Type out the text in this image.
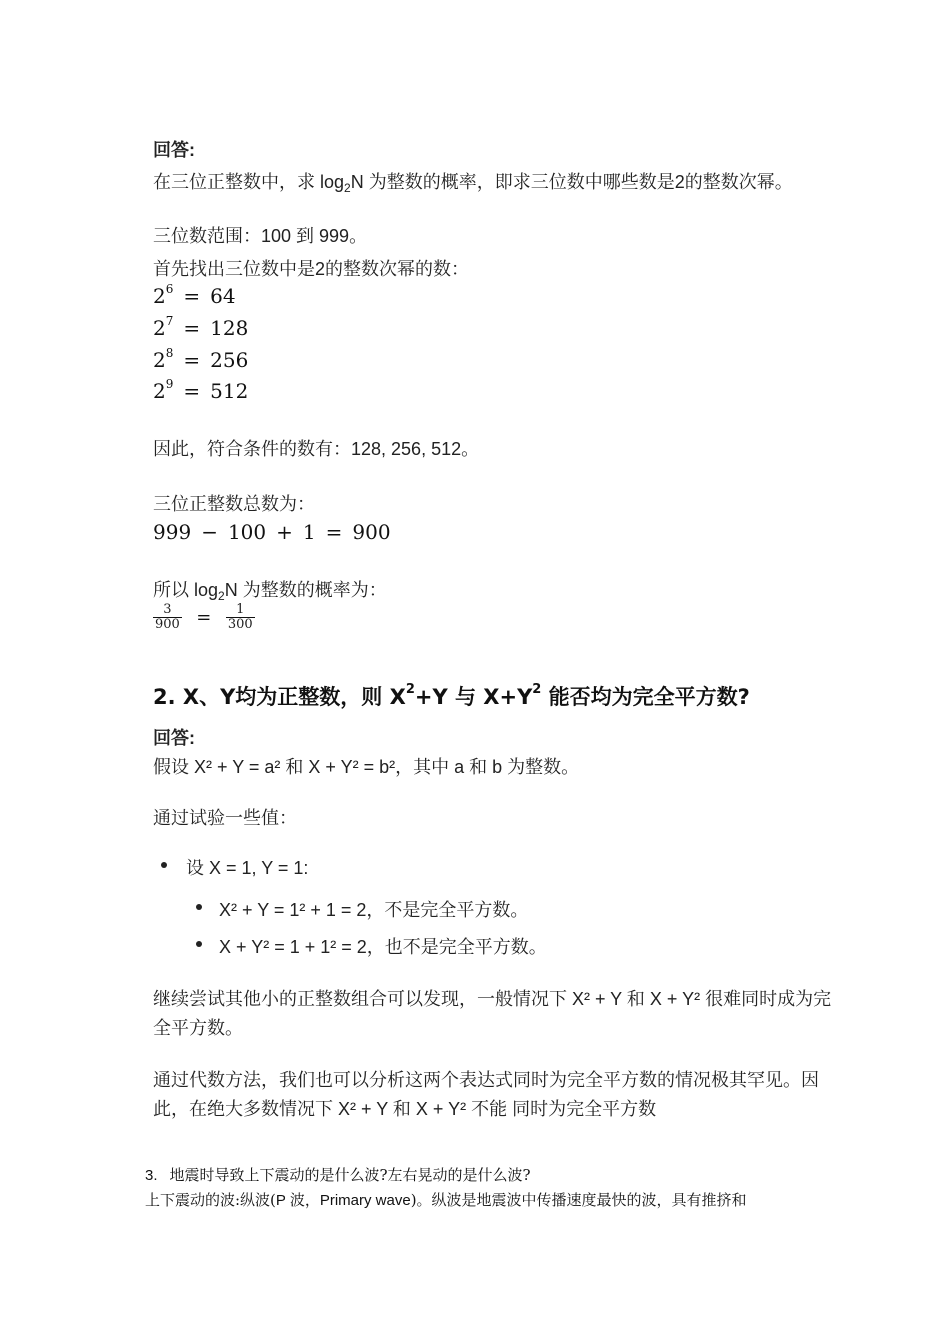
回答:
在三位正整数中，求 $\log_2N$ 为整数的概率，即求三位数中哪些数是2的整数次幂。
三位数范围：100 到 999。
首先找出三位数中是2的整数次幂的数：
$2^6 = 64$
$2^7 = 128$
$2^8 = 256$
$2^9 = 512$
因此，符合条件的数有：128, 256, 512。
三位正整数总数为：
999 − 100 + 1 = 900
所以 $\log_2N$ 为整数的概率为：
$\frac{3}{900} = \frac{1}{300}$
2. X、Y均为正整数，则 $X^2+Y$ 与 $X+Y^2$ 能否均为完全平方数?
回答:
假设 X² + Y = a² 和 X + Y² = b²，其中 a 和 b 为整数。
通过试验一些值：
设 X = 1, Y = 1:
X² + Y = 1² + 1 = 2，不是完全平方数。
X + Y² = 1 + 1² = 2，也不是完全平方数。
继续尝试其他小的正整数组合可以发现，一般情况下 X² + Y 和 X + Y² 很难同时成为完
全平方数。
通过代数方法，我们也可以分析这两个表达式同时为完全平方数的情况极其罕见。因
此，在绝大多数情况下 X² + Y 和 X + Y² 不能 同时为完全平方数
3. 地震时导致上下震动的是什么波?左右晃动的是什么波?
上下震动的波:纵波(P 波，Primary wave)。纵波是地震波中传播速度最快的波，具有推挤和
